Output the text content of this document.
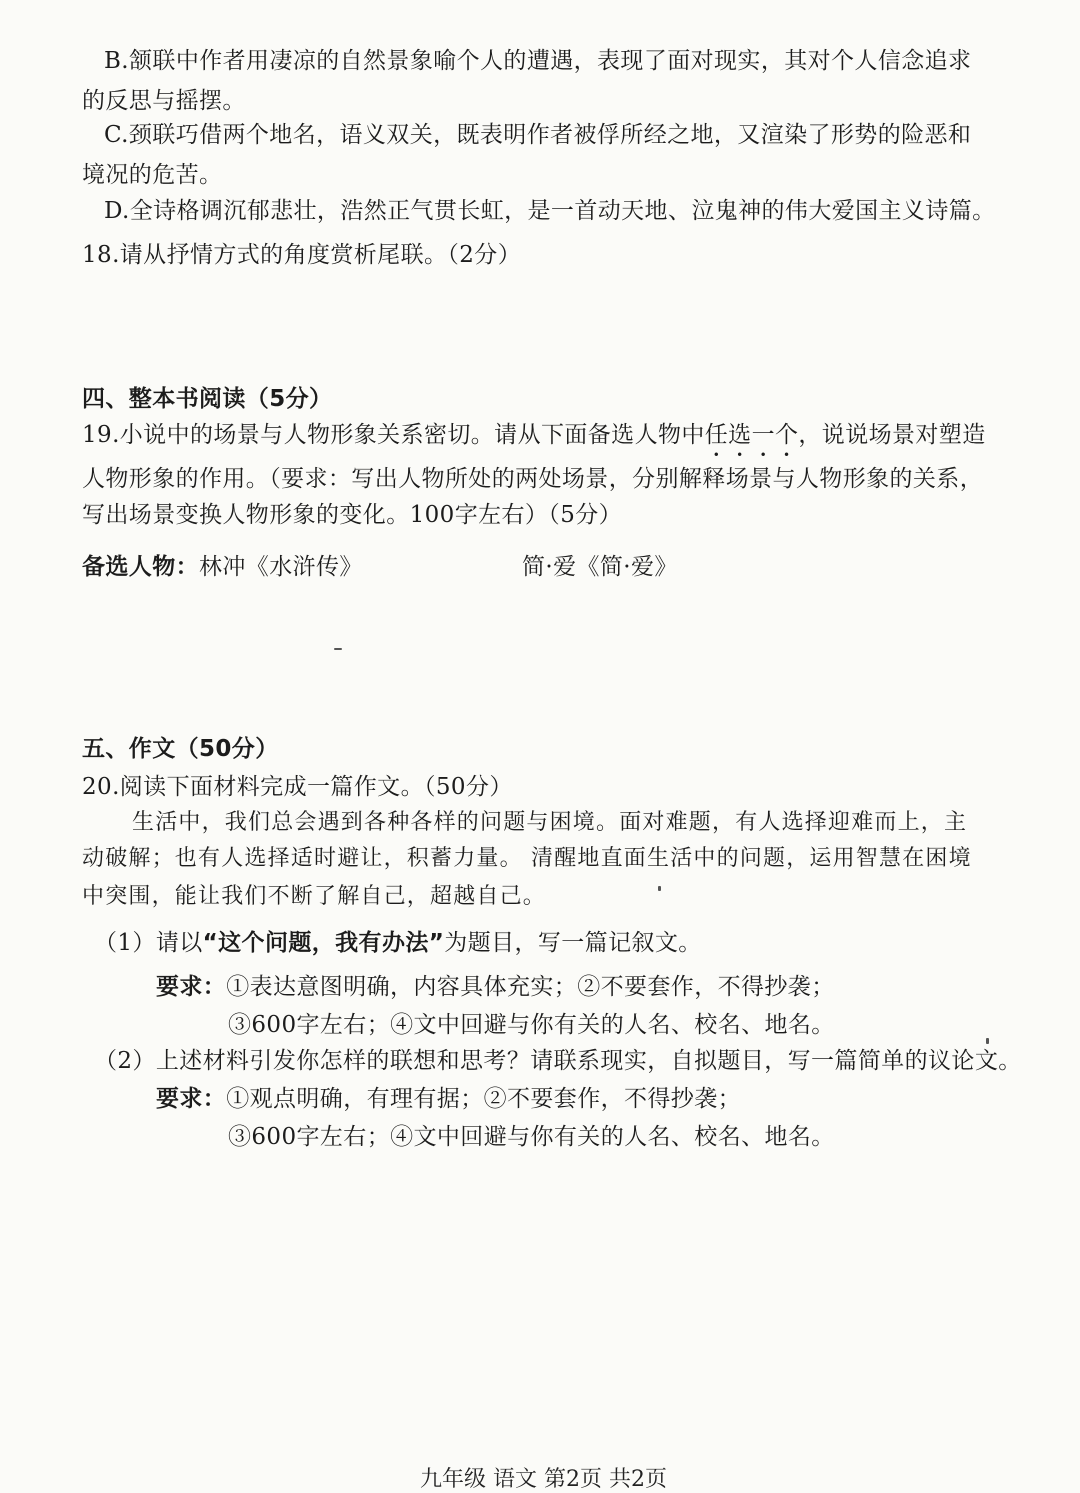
B.颔联中作者用凄凉的自然景象喻个人的遭遇，表现了面对现实，其对个人信念追求
的反思与摇摆。
C.颈联巧借两个地名，语义双关，既表明作者被俘所经之地，又渲染了形势的险恶和
境况的危苦。
D.全诗格调沉郁悲壮，浩然正气贯长虹，是一首动天地、泣鬼神的伟大爱国主义诗篇。
18.请从抒情方式的角度赏析尾联。（2分）
四、整本书阅读（5分）
19.小说中的场景与人物形象关系密切。请从下面备选人物中任选一个，说说场景对塑造
人物形象的作用。（要求：写出人物所处的两处场景，分别解释场景与人物形象的关系，
写出场景变换人物形象的变化。100字左右）（5分）
备选人物：林冲《水浒传》	简·爱《简·爱》
五、作文（50分）
20.阅读下面材料完成一篇作文。（50分）
生活中，我们总会遇到各种各样的问题与困境。面对难题，有人选择迎难而上，主
动破解；也有人选择适时避让，积蓄力量。 清醒地直面生活中的问题，运用智慧在困境
中突围，能让我们不断了解自己，超越自己。
（1）请以“这个问题，我有办法”为题目，写一篇记叙文。
要求：①表达意图明确，内容具体充实；②不要套作，不得抄袭；
③600字左右；④文中回避与你有关的人名、校名、地名。
（2）上述材料引发你怎样的联想和思考？请联系现实，自拟题目，写一篇简单的议论文。
要求：①观点明确，有理有据；②不要套作，不得抄袭；
③600字左右；④文中回避与你有关的人名、校名、地名。
九年级 语文 第2页 共2页
